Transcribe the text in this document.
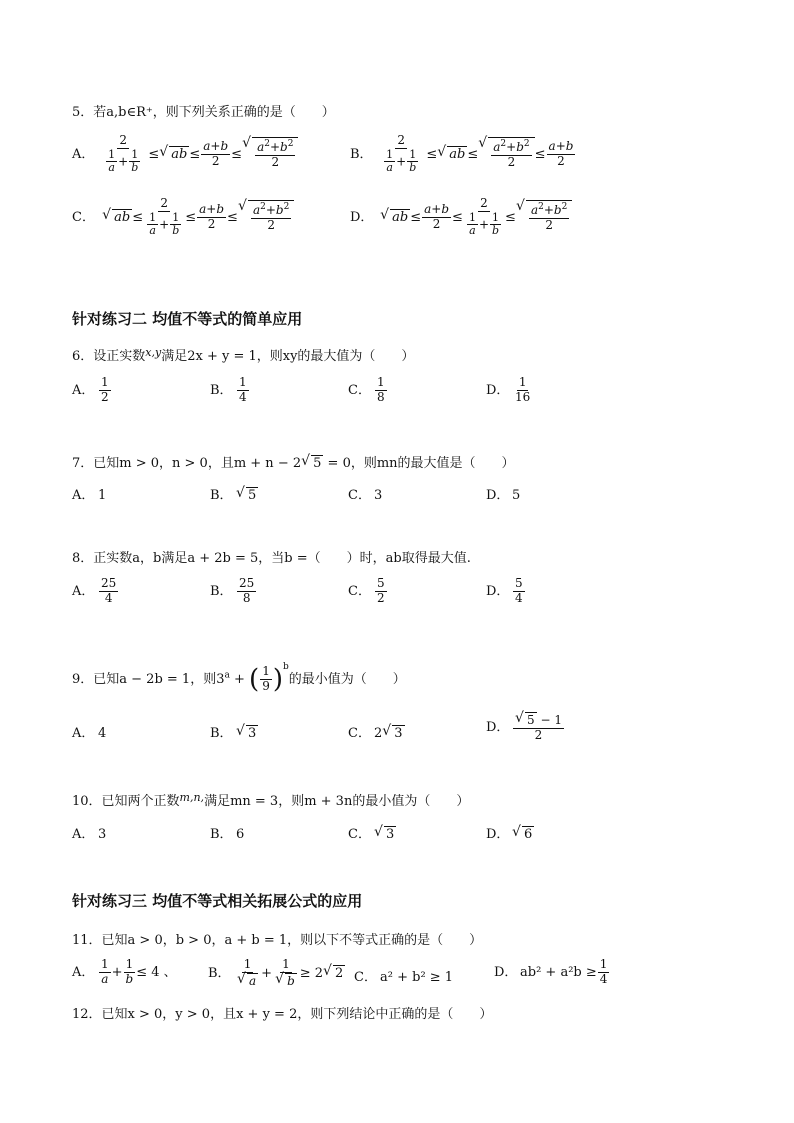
5．若a,b∈R⁺，则下列关系正确的是（　　）
A． $\frac{2}{\frac{1}{a} + \frac{1}{b}}$ ≤ √ ab ≤ $\frac{a+b}{2}$ ≤ √ $\frac{a^2+b^2}{2}$	B． $\frac{2}{\frac{1}{a} + \frac{1}{b}}$ ≤ √ ab ≤ √ $\frac{a^2+b^2}{2} \le \frac{a+b}{2}$
C． √ ab ≤ $\frac{2}{\frac{1}{a} + \frac{1}{b}} \le \frac{a+b}{2}$ ≤ √ $\frac{a^2+b^2}{2}$	D． √ ab ≤ $\frac{a+b}{2} \le \frac{2}{\frac{1}{a} + \frac{1}{b}}$ ≤ √ $\frac{a^2+b^2}{2}$
针对练习二 均值不等式的简单应用
6．设正实数$^{x,y}$满足2x + y = 1，则xy的最大值为（　　）
A． $\frac{1}{2}$	B． $\frac{1}{4}$	C． $\frac{1}{8}$	D． $\frac{1}{16}$
7．已知m > 0，n > 0，且m + n − 2 √ 5 = 0，则mn的最大值是（　　）
A． 1	B． √ 5	C． 3	D． 5
8．正实数a，b满足a + 2b = 5，当b =（　　）时，ab取得最大值.
A． $\frac{25}{4}$	B． $\frac{25}{8}$	C． $\frac{5}{2}$	D． $\frac{5}{4}$
9．已知a − 2b = 1，则$3^a$ + ( $\frac{1}{9} )^b$的最小值为（　　）
A． 4	B． √ 3	C． 2 √ 3	D． √ $\frac{5 - 1}{2}$
10．已知两个正数$^{m,n,}$满足mn = 3，则m + 3n的最小值为（　　）
A． 3	B． 6	C． √ 3	D． √ 6
针对练习三 均值不等式相关拓展公式的应用
11．已知a > 0，b > 0，a + b = 1，则以下不等式正确的是（　　）
A． $\frac{1}{a} + \frac{1}{b} \le 4$ 、 B． 1
√ a + 1
√ b ≥ 2 √ 2 C． a² + b² ≥ 1	D． $ab^2 + a^2b \ge \frac{1}{4}$
12．已知x > 0，y > 0，且x + y = 2，则下列结论中正确的是（　　）
